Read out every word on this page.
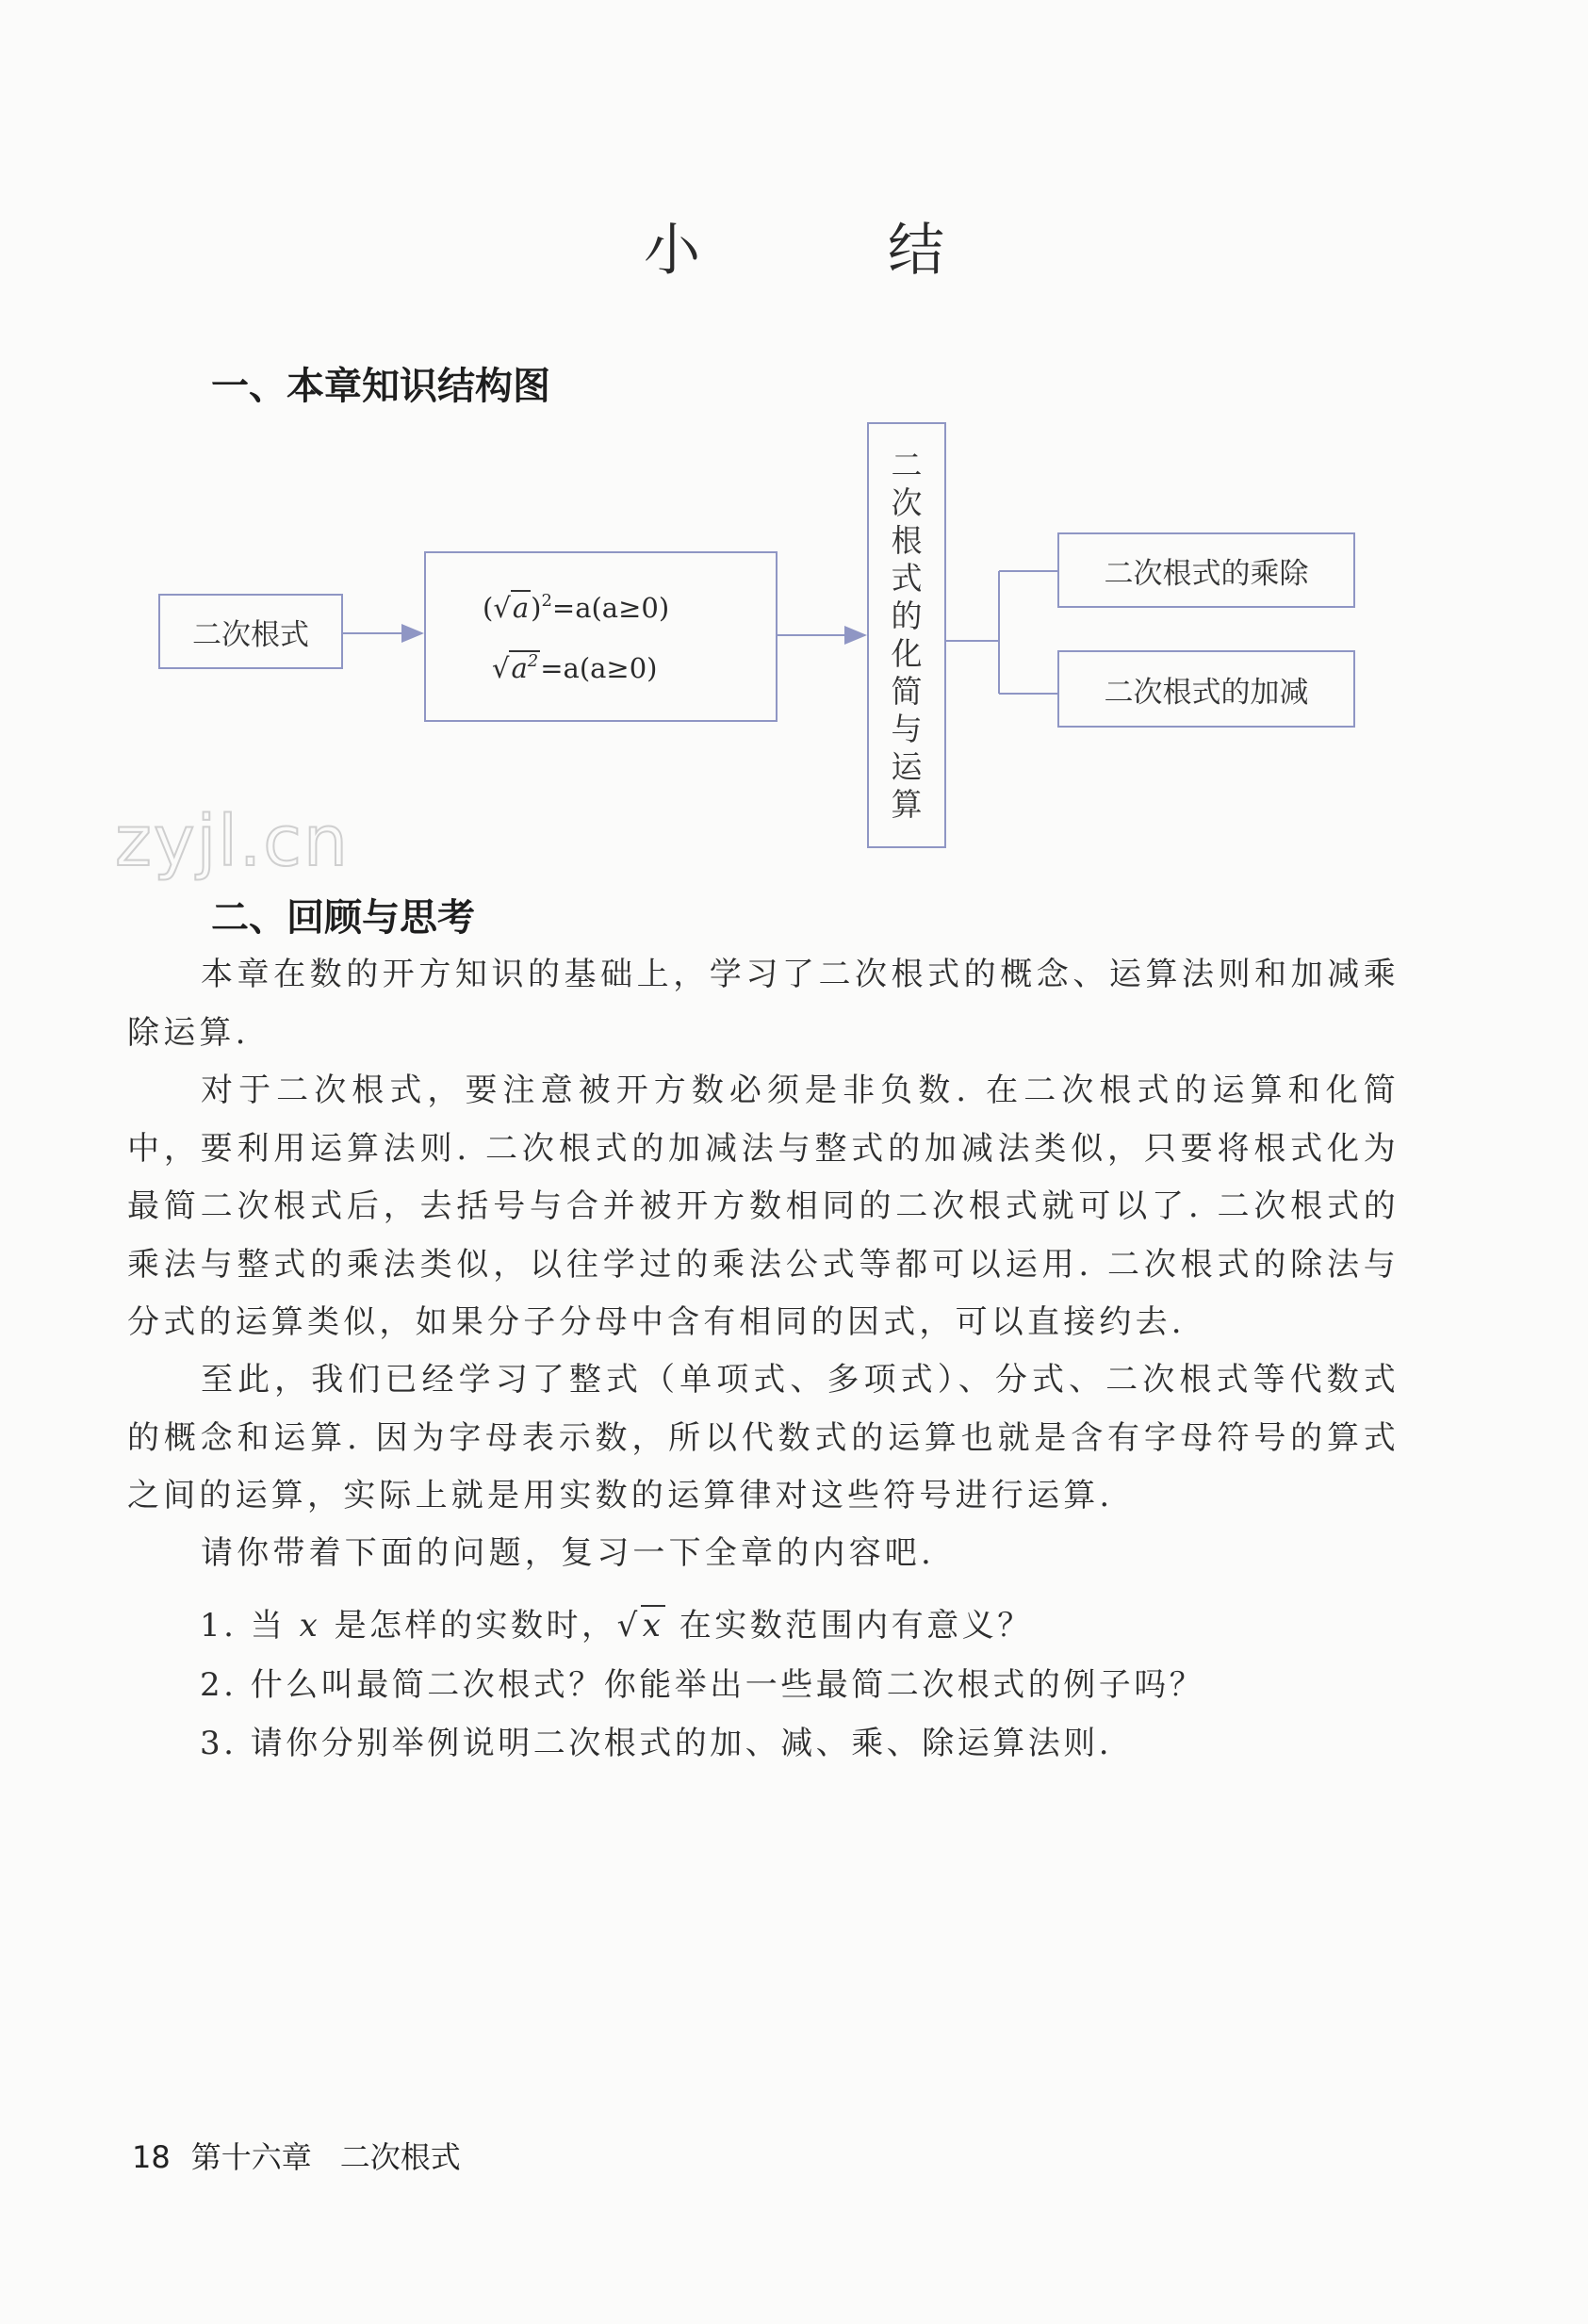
小 结
一、本章知识结构图
二次根式
$(√a)^2=a(a\ge 0)$
$√a^2=a(a\ge 0)$
二
次
根
式
的
化
简
与
运
算
二次根式的乘除
二次根式的加减
zyjl.cn
二、回顾与思考

本章在数的开方知识的基础上，学习了二次根式的概念、运算法则和加减乘除运算.

对于二次根式，要注意被开方数必须是非负数. 在二次根式的运算和化简中，要利用运算法则. 二次根式的加减法与整式的加减法类似，只要将根式化为最简二次根式后，去括号与合并被开方数相同的二次根式就可以了. 二次根式的乘法与整式的乘法类似，以往学过的乘法公式等都可以运用. 二次根式的除法与分式的运算类似，如果分子分母中含有相同的因式，可以直接约去.

至此，我们已经学习了整式（单项式、多项式）、分式、二次根式等代数式的概念和运算. 因为字母表示数，所以代数式的运算也就是含有字母符号的算式之间的运算，实际上就是用实数的运算律对这些符号进行运算.

请你带着下面的问题，复习一下全章的内容吧.

1. 当 x 是怎样的实数时，√x 在实数范围内有意义？
2. 什么叫最简二次根式？你能举出一些最简二次根式的例子吗？
3. 请你分别举例说明二次根式的加、减、乘、除运算法则.
18 第十六章 二次根式
